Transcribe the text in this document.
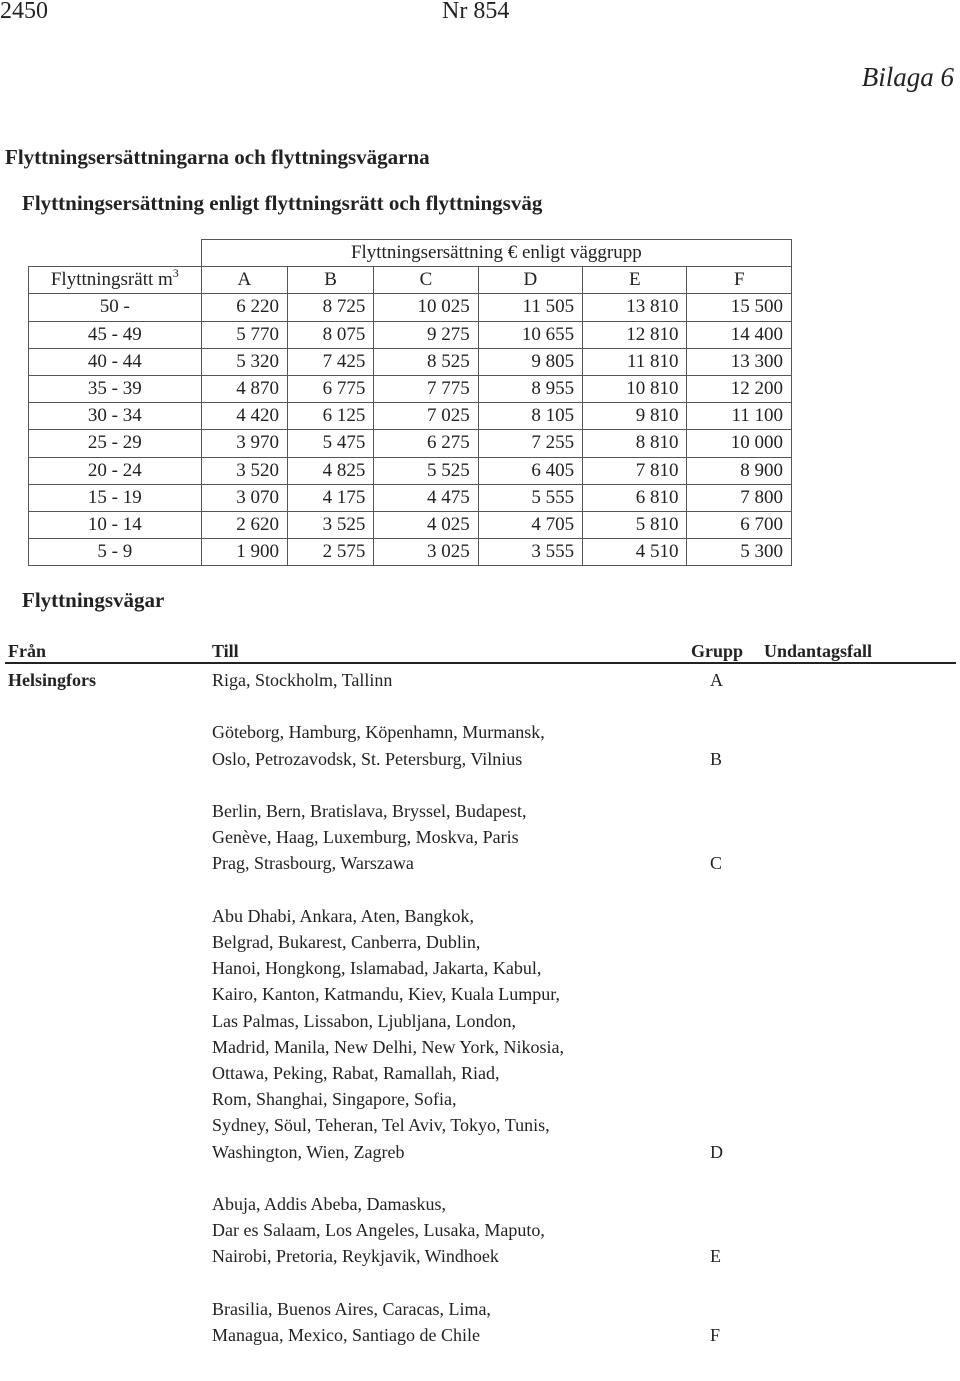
2450	Nr 854
Bilaga 6
Flyttningsersättningarna och flyttningsvägarna
Flyttningsersättning enligt flyttningsrätt och flyttningsväg
	Flyttningsersättning € enligt väggrupp					
Flyttningsrätt $m^3$	A	B	C	D	E	F
50 -	6 220	8 725	10 025	11 505	13 810	15 500
45 - 49	5 770	8 075	9 275	10 655	12 810	14 400
40 - 44	5 320	7 425	8 525	9 805	11 810	13 300
35 - 39	4 870	6 775	7 775	8 955	10 810	12 200
30 - 34	4 420	6 125	7 025	8 105	9 810	11 100
25 - 29	3 970	5 475	6 275	7 255	8 810	10 000
20 - 24	3 520	4 825	5 525	6 405	7 810	8 900
15 - 19	3 070	4 175	4 475	5 555	6 810	7 800
10 - 14	2 620	3 525	4 025	4 705	5 810	6 700
5 - 9	1 900	2 575	3 025	3 555	4 510	5 300
Flyttningsvägar
Från	Till	Grupp Undantagsfall
Helsingfors	Riga, Stockholm, Tallinn	A
Göteborg, Hamburg, Köpenhamn, Murmansk,
Oslo, Petrozavodsk, St. Petersburg, Vilnius	B
Berlin, Bern, Bratislava, Bryssel, Budapest,
Genève, Haag, Luxemburg, Moskva, Paris
Prag, Strasbourg, Warszawa	C
Abu Dhabi, Ankara, Aten, Bangkok,
Belgrad, Bukarest, Canberra, Dublin,
Hanoi, Hongkong, Islamabad, Jakarta, Kabul,
Kairo, Kanton, Katmandu, Kiev, Kuala Lumpur,
Las Palmas, Lissabon, Ljubljana, London,
Madrid, Manila, New Delhi, New York, Nikosia,
Ottawa, Peking, Rabat, Ramallah, Riad,
Rom, Shanghai, Singapore, Sofia,
Sydney, Söul, Teheran, Tel Aviv, Tokyo, Tunis,
Washington, Wien, Zagreb	D
Abuja, Addis Abeba, Damaskus,
Dar es Salaam, Los Angeles, Lusaka, Maputo,
Nairobi, Pretoria, Reykjavik, Windhoek	E
Brasilia, Buenos Aires, Caracas, Lima,
Managua, Mexico, Santiago de Chile	F
